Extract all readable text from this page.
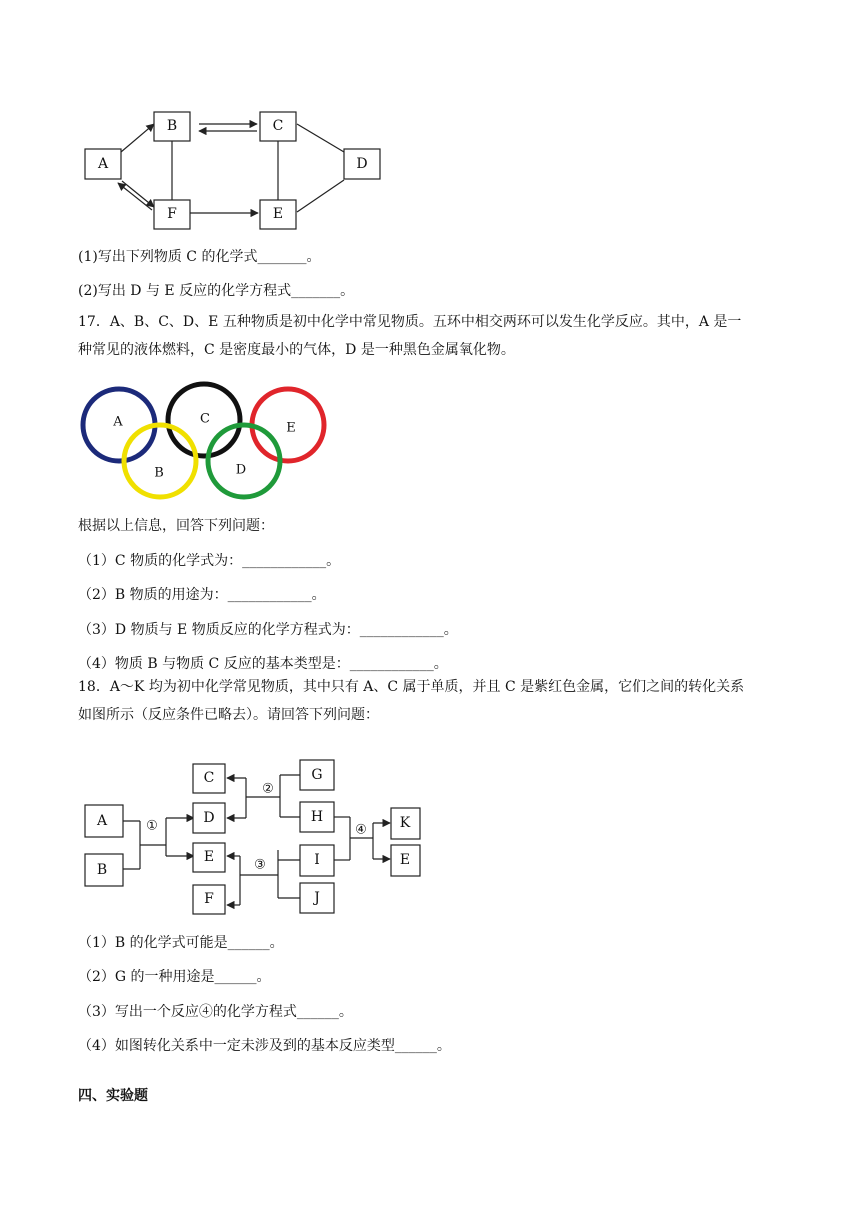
A
B	C
D
E
F
(1)写出下列物质 C 的化学式_______。
(2)写出 D 与 E 反应的化学方程式_______。
17．A、B、C、D、E 五种物质是初中化学中常见物质。五环中相交两环可以发生化学反应。其中，A 是一
种常见的液体燃料，C 是密度最小的气体，D 是一种黑色金属氧化物。
A	C
E
B	D
根据以上信息，回答下列问题：
（1）C 物质的化学式为：____________。
（2）B 物质的用途为：____________。
（3）D 物质与 E 物质反应的化学方程式为：____________。
（4）物质 B 与物质 C 反应的基本类型是：____________。
18．A～K 均为初中化学常见物质，其中只有 A、C 属于单质，并且 C 是紫红色金属，它们之间的转化关系
如图所示（反应条件已略去）。请回答下列问题：
①
②
③
④
C
D
E
F
A
B
G
H
I
J
K
E
（1）B 的化学式可能是______。
（2）G 的一种用途是______。
（3）写出一个反应④的化学方程式______。
（4）如图转化关系中一定未涉及到的基本反应类型______。
四、实验题
